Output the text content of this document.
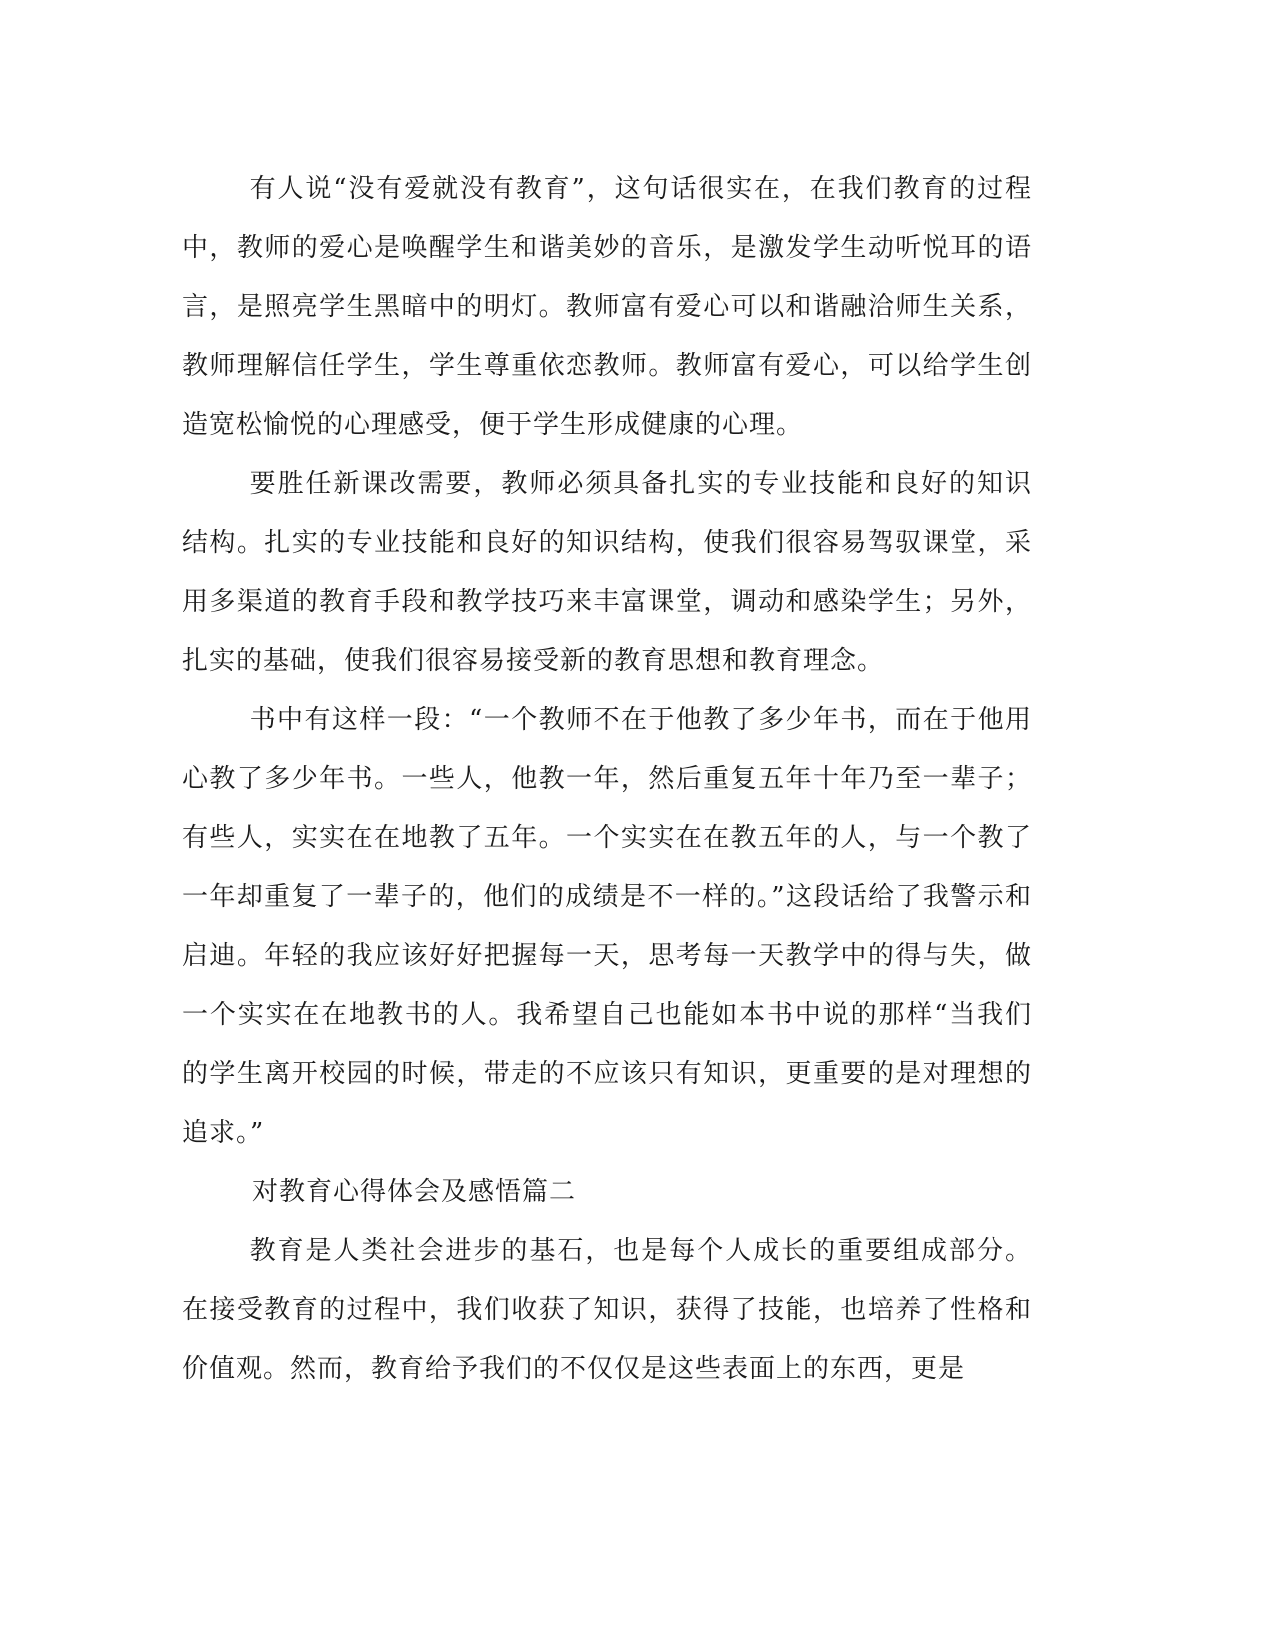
有人说“没有爱就没有教育”，这句话很实在，在我们教育的过程中，教师的爱心是唤醒学生和谐美妙的音乐，是激发学生动听悦耳的语言，是照亮学生黑暗中的明灯。教师富有爱心可以和谐融洽师生关系，教师理解信任学生，学生尊重依恋教师。教师富有爱心，可以给学生创造宽松愉悦的心理感受，便于学生形成健康的心理。

要胜任新课改需要，教师必须具备扎实的专业技能和良好的知识结构。扎实的专业技能和良好的知识结构，使我们很容易驾驭课堂，采用多渠道的教育手段和教学技巧来丰富课堂，调动和感染学生；另外，扎实的基础，使我们很容易接受新的教育思想和教育理念。

书中有这样一段：“一个教师不在于他教了多少年书，而在于他用心教了多少年书。一些人，他教一年，然后重复五年十年乃至一辈子；有些人，实实在在地教了五年。一个实实在在教五年的人，与一个教了一年却重复了一辈子的，他们的成绩是不一样的。”这段话给了我警示和启迪。年轻的我应该好好把握每一天，思考每一天教学中的得与失，做一个实实在在地教书的人。我希望自己也能如本书中说的那样“当我们的学生离开校园的时候，带走的不应该只有知识，更重要的是对理想的追求。”

对教育心得体会及感悟篇二

教育是人类社会进步的基石，也是每个人成长的重要组成部分。在接受教育的过程中，我们收获了知识，获得了技能，也培养了性格和价值观。然而，教育给予我们的不仅仅是这些表面上的东西，更是
